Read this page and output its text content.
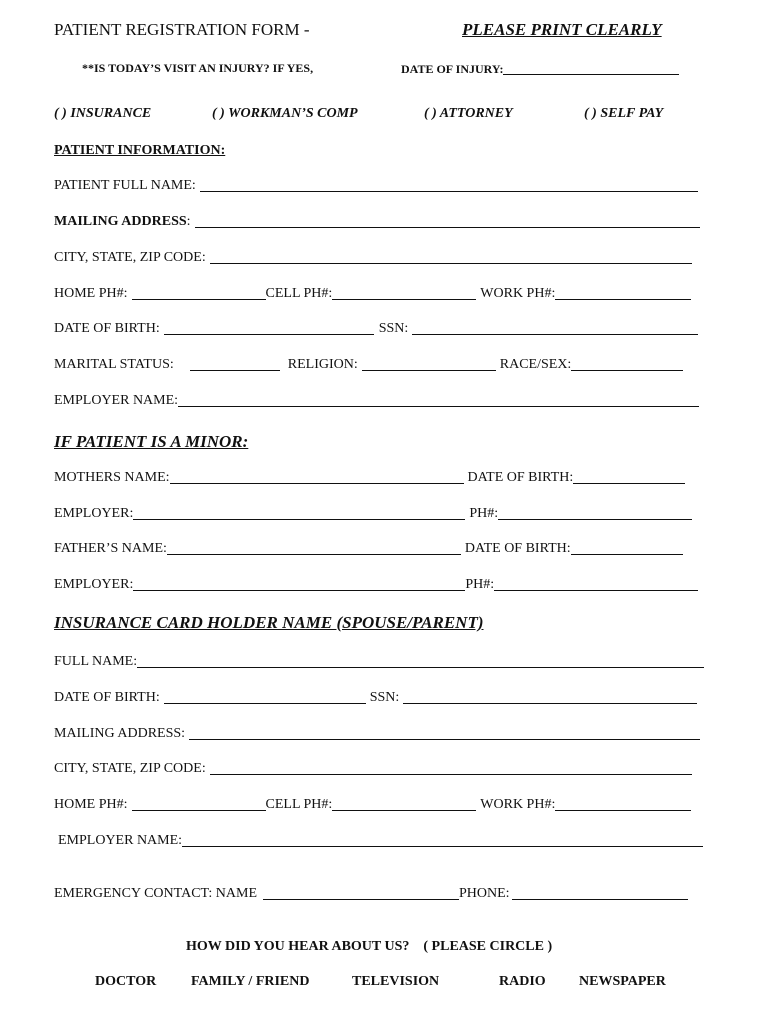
PATIENT REGISTRATION FORM -	PLEASE PRINT CLEARLY
**IS TODAY’S VISIT AN INJURY? IF YES,	DATE OF INJURY:
( ) INSURANCE	( ) WORKMAN’S COMP	( ) ATTORNEY	( ) SELF PAY
PATIENT INFORMATION:
PATIENT FULL NAME:
MAILING ADDRESS :
CITY, STATE, ZIP CODE:
HOME PH#:	CELL PH#:	WORK PH#:
DATE OF BIRTH:	SSN:
MARITAL STATUS:	RELIGION:	RACE/SEX:
EMPLOYER NAME:
IF PATIENT IS A MINOR:
MOTHERS NAME:	DATE OF BIRTH:
EMPLOYER:	PH#:
FATHER’S NAME:	DATE OF BIRTH:
EMPLOYER:	PH#:
INSURANCE CARD HOLDER NAME (SPOUSE/PARENT)
FULL NAME:
DATE OF BIRTH:	SSN:
MAILING ADDRESS:
CITY, STATE, ZIP CODE:
HOME PH#:	CELL PH#:	WORK PH#:
EMPLOYER NAME:
EMERGENCY CONTACT: NAME	PHONE:
HOW DID YOU HEAR ABOUT US?    ( PLEASE CIRCLE )
DOCTOR FAMILY / FRIEND	TELEVISION	RADIO NEWSPAPER
